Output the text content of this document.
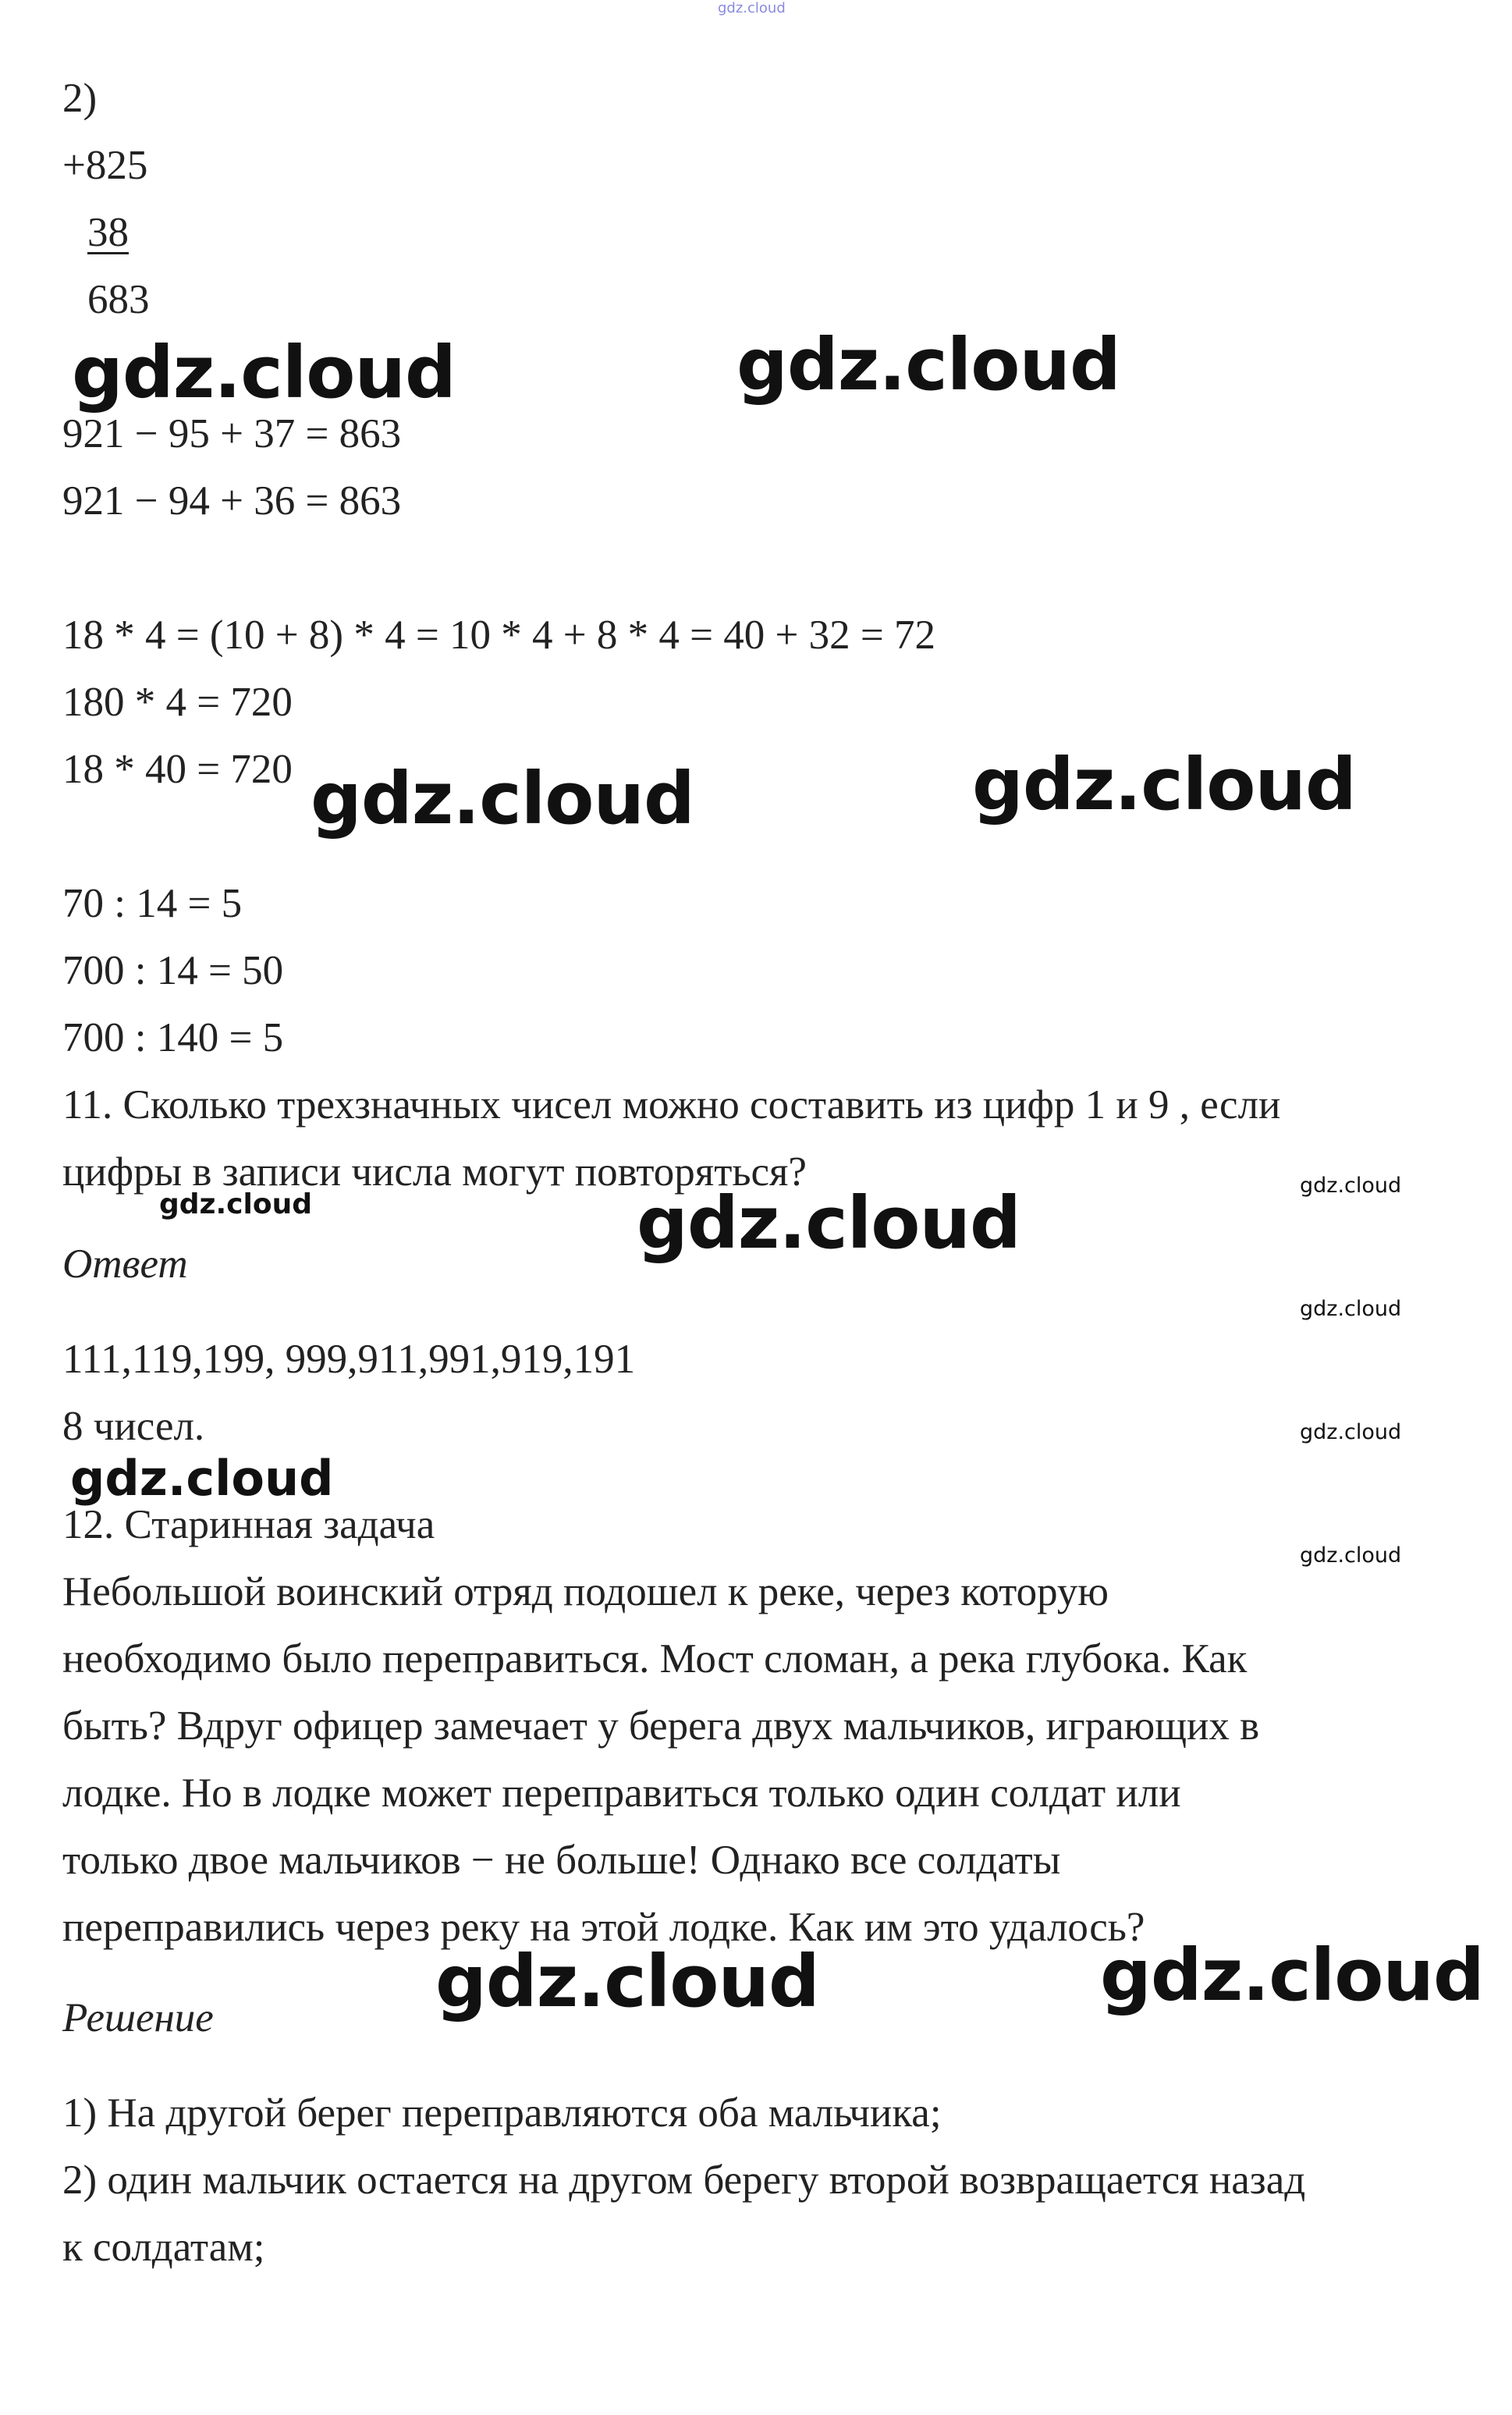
gdz.cloud
2)
+825
38
683
921 − 95 + 37 = 863
921 − 94 + 36 = 863
18 * 4 = (10 + 8) * 4 = 10 * 4 + 8 * 4 = 40 + 32 = 72
180 * 4 = 720
18 * 40 = 720
70 : 14 = 5
700 : 14 = 50
700 : 140 = 5
11. Сколько трехзначных чисел можно составить из цифр 1 и 9 , если
цифры в записи числа могут повторяться?
Ответ
111,119,199, 999,911,991,919,191
8 чисел.
12. Старинная задача
Небольшой воинский отряд подошел к реке, через которую
необходимо было переправиться. Мост сломан, а река глубока. Как
быть? Вдруг офицер замечает у берега двух мальчиков, играющих в
лодке. Но в лодке может переправиться только один солдат или
только двое мальчиков − не больше! Однако все солдаты
переправились через реку на этой лодке. Как им это удалось?
Решение
1) На другой берег переправляются оба мальчика;
2) один мальчик остается на другом берегу второй возвращается назад
к солдатам;
gdz.cloud	gdz.cloud
gdz.cloud	gdz.cloud
gdz.cloud	gdz.cloud	gdz.cloud
gdz.cloud
gdz.cloud
gdz.cloud
gdz.cloud
gdz.cloud	gdz.cloud
gdz.cloud
